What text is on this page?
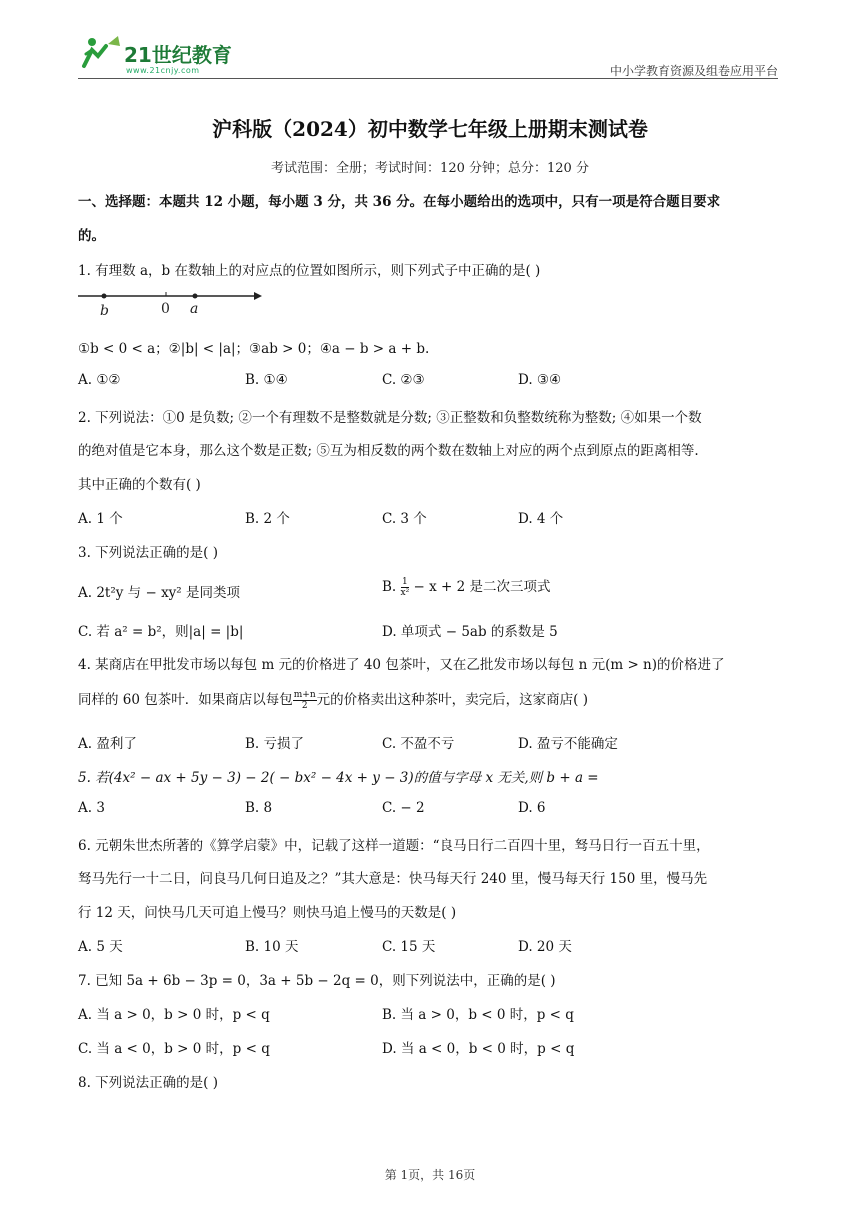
21世纪教育
www.21cnjy.com	中小学教育资源及组卷应用平台
沪科版（2024）初中数学七年级上册期末测试卷
考试范围：全册；考试时间：120 分钟；总分：120 分
一、选择题：本题共 12 小题，每小题 3 分，共 36 分。在每小题给出的选项中，只有一项是符合题目要求
的。
1. 有理数 a，b 在数轴上的对应点的位置如图所示，则下列式子中正确的是( )
b	0 a
①b < 0 < a；②|b| < |a|；③ab > 0；④a − b > a + b.
A. ①②	B. ①④	C. ②③	D. ③④
2. 下列说法：①0 是负数; ②一个有理数不是整数就是分数; ③正整数和负整数统称为整数; ④如果一个数
的绝对值是它本身，那么这个数是正数; ⑤互为相反数的两个数在数轴上对应的两个点到原点的距离相等.
其中正确的个数有( )
A. 1 个	B. 2 个	C. 3 个	D. 4 个
3. 下列说法正确的是( )
A. 2t²y 与 − xy² 是同类项	B. $\frac{1}{\text{x²}} - x + 2$ 是二次三项式
C. 若 a² = b²，则|a| = |b|	D. 单项式 − 5ab 的系数是 5
4. 某商店在甲批发市场以每包 m 元的价格进了 40 包茶叶，又在乙批发市场以每包 n 元(m > n)的价格进了
同样的 60 包茶叶．如果商店以每包 $\frac{m+n}{2}$ 元的价格卖出这种茶叶，卖完后，这家商店( )
A. 盈利了	B. 亏损了	C. 不盈不亏	D. 盈亏不能确定
5. 若(4x² − ax + 5y − 3) − 2( − bx² − 4x + y − 3)的值与字母 x 无关,则 b + a =
A. 3	B. 8	C. − 2	D. 6
6. 元朝朱世杰所著的《算学启蒙》中，记载了这样一道题：“良马日行二百四十里，驽马日行一百五十里，
驽马先行一十二日，问良马几何日追及之？”其大意是：快马每天行 240 里，慢马每天行 150 里，慢马先
行 12 天，问快马几天可追上慢马？则快马追上慢马的天数是( )
A. 5 天	B. 10 天	C. 15 天	D. 20 天
7. 已知 5a + 6b − 3p = 0，3a + 5b − 2q = 0，则下列说法中，正确的是( )
A. 当 a > 0，b > 0 时，p < q	B. 当 a > 0，b < 0 时，p < q
C. 当 a < 0，b > 0 时，p < q	D. 当 a < 0，b < 0 时，p < q
8. 下列说法正确的是( )
第 1页，共 16页
